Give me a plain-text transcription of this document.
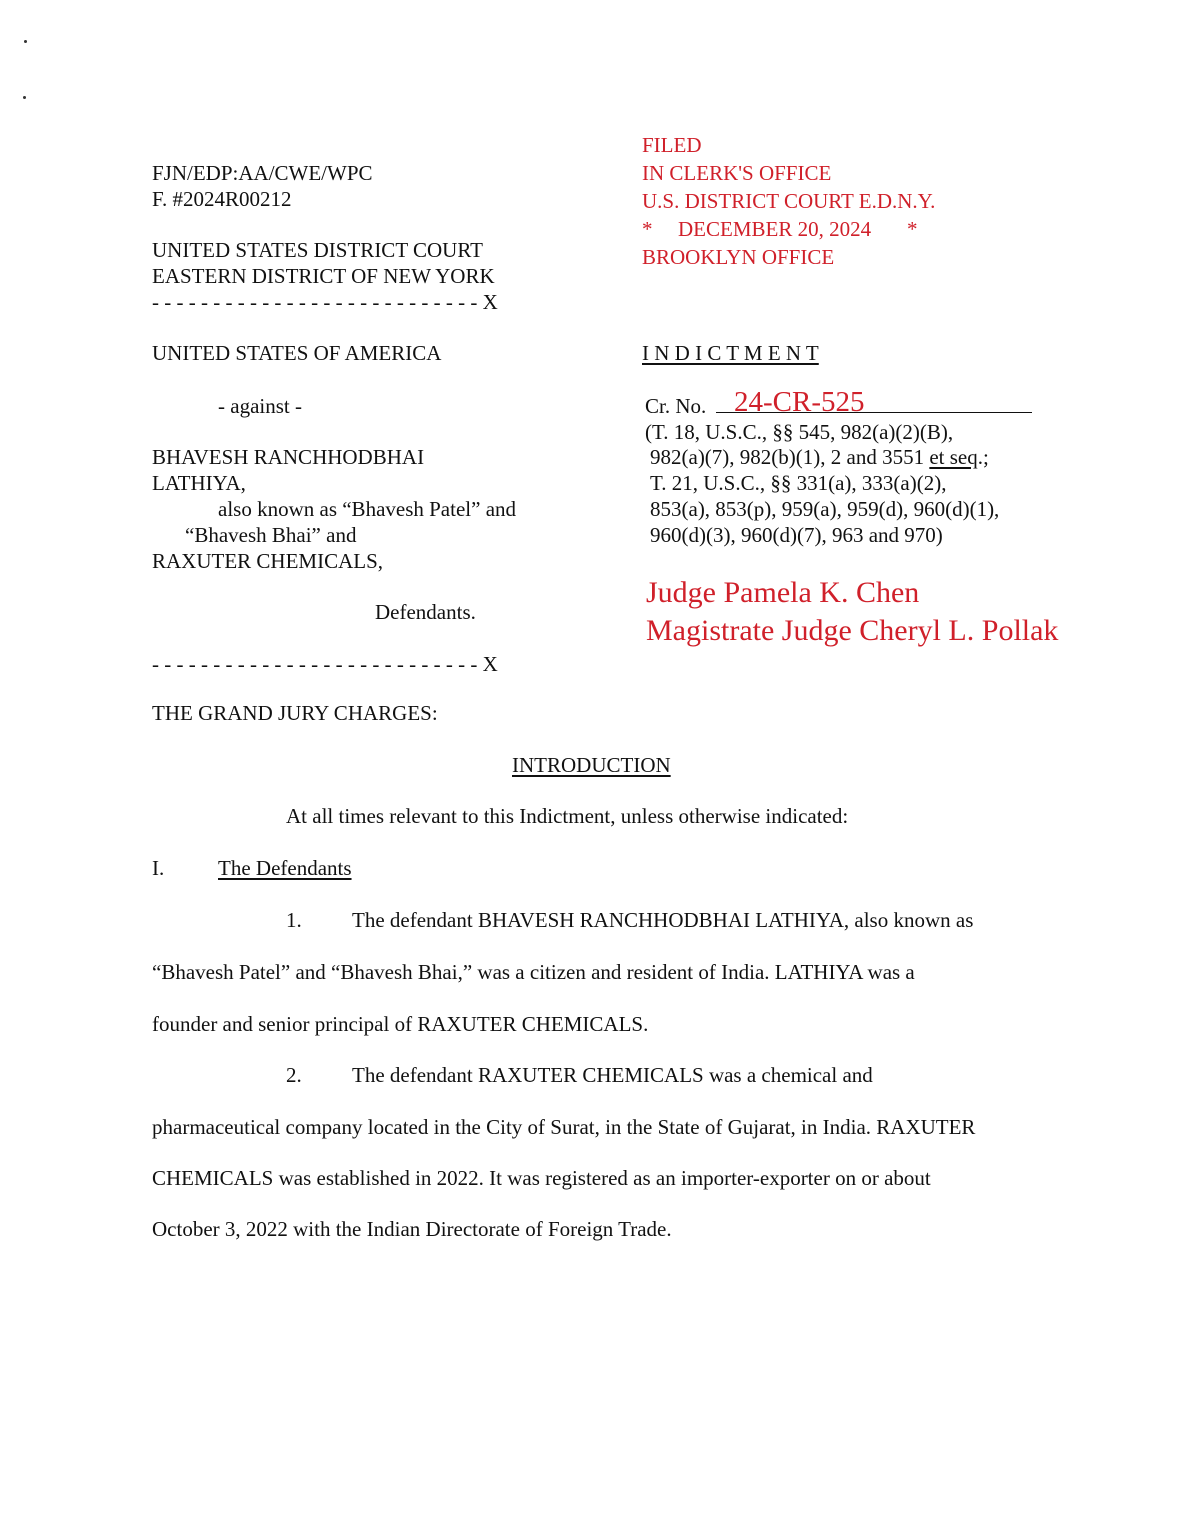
FJN/EDP:AA/CWE/WPC
F. #2024R00212
UNITED STATES DISTRICT COURT
EASTERN DISTRICT OF NEW YORK
- - - - - - - - - - - - - - - - - - - - - - - - - - - X
FILED
IN CLERK'S OFFICE
U.S. DISTRICT COURT E.D.N.Y.
* DECEMBER 20, 2024 *
BROOKLYN OFFICE
UNITED STATES OF AMERICA
- against -
BHAVESH RANCHHODBHAI
LATHIYA,
also known as “Bhavesh Patel” and
“Bhavesh Bhai” and
RAXUTER CHEMICALS,
Defendants.
- - - - - - - - - - - - - - - - - - - - - - - - - - - X
I N D I C T M E N T
Cr. No. 24-CR-525
(T. 18, U.S.C., §§ 545, 982(a)(2)(B),
982(a)(7), 982(b)(1), 2 and 3551 et seq.;
T. 21, U.S.C., §§ 331(a), 333(a)(2),
853(a), 853(p), 959(a), 959(d), 960(d)(1),
960(d)(3), 960(d)(7), 963 and 970)
Judge Pamela K. Chen
Magistrate Judge Cheryl L. Pollak
THE GRAND JURY CHARGES:
INTRODUCTION
At all times relevant to this Indictment, unless otherwise indicated:
I.	The Defendants
1. The defendant BHAVESH RANCHHODBHAI LATHIYA, also known as
“Bhavesh Patel” and “Bhavesh Bhai,” was a citizen and resident of India. LATHIYA was a
founder and senior principal of RAXUTER CHEMICALS.
2. The defendant RAXUTER CHEMICALS was a chemical and
pharmaceutical company located in the City of Surat, in the State of Gujarat, in India. RAXUTER
CHEMICALS was established in 2022. It was registered as an importer-exporter on or about
October 3, 2022 with the Indian Directorate of Foreign Trade.
